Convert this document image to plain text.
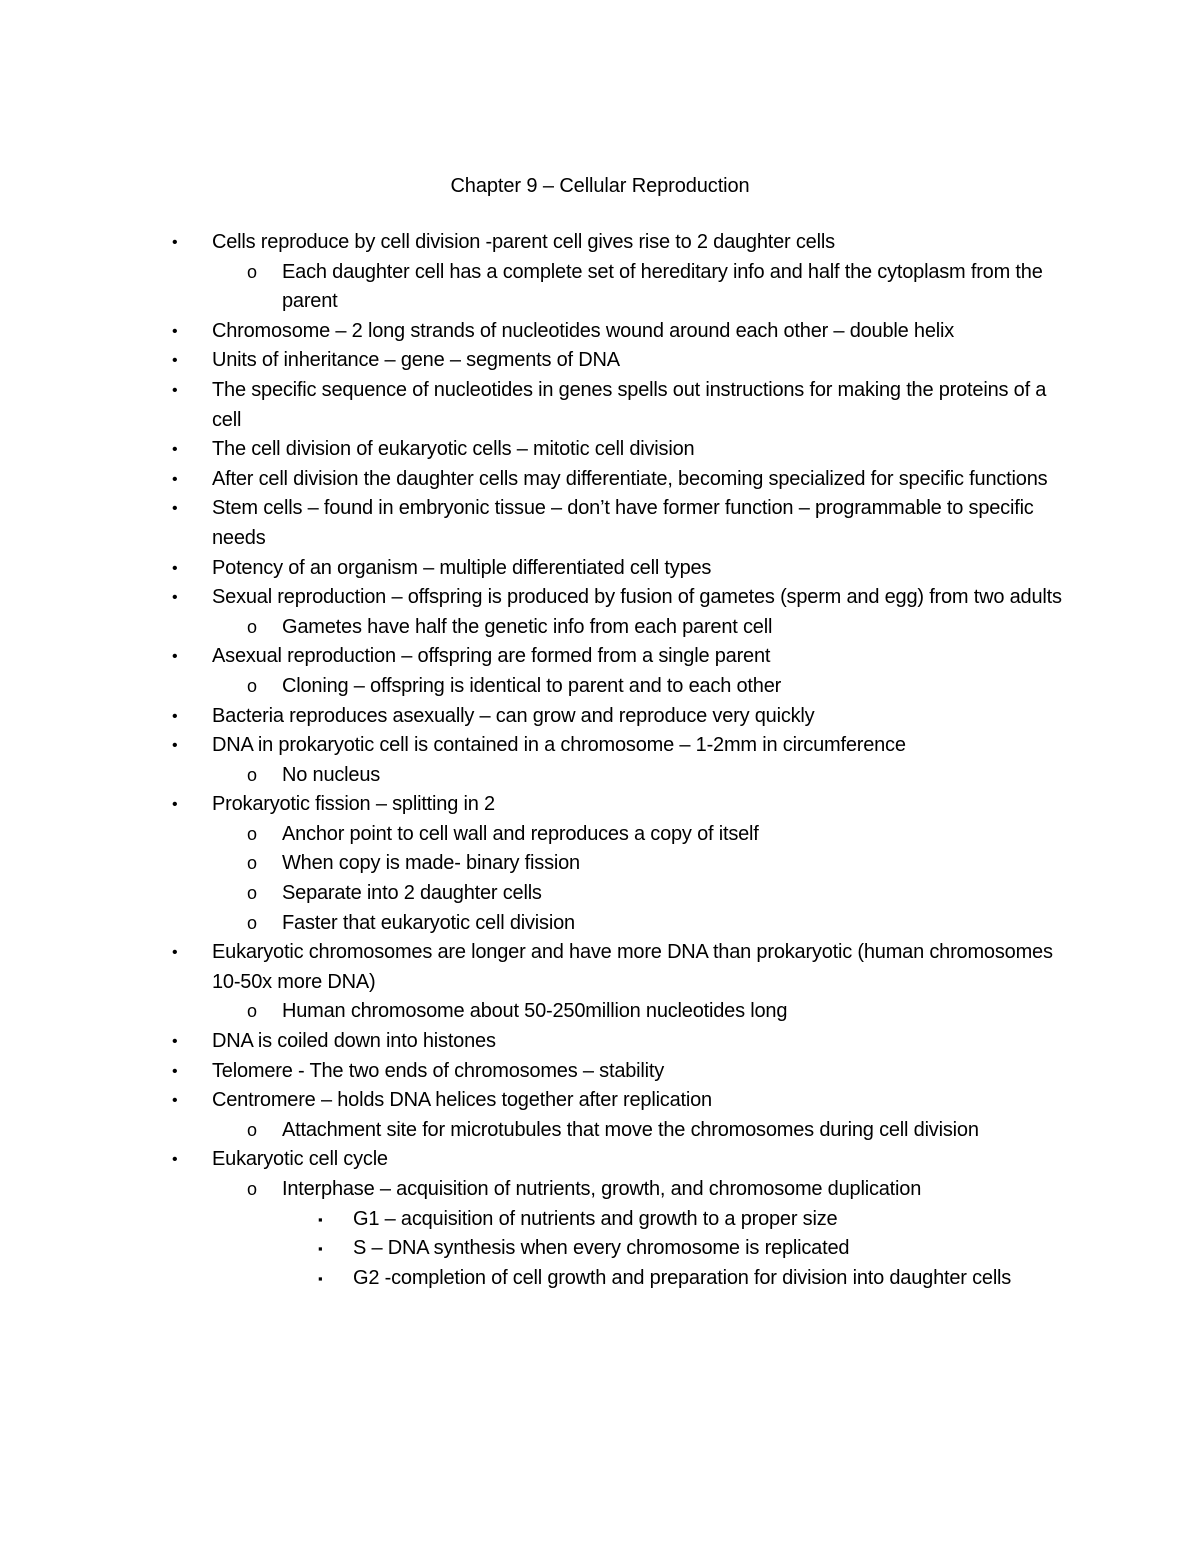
Chapter 9 – Cellular Reproduction
• Cells reproduce by cell division -parent cell gives rise to 2 daughter cells
o Each daughter cell has a complete set of hereditary info and half the cytoplasm from the parent
• Chromosome – 2 long strands of nucleotides wound around each other – double helix
• Units of inheritance – gene – segments of DNA
• The specific sequence of nucleotides in genes spells out instructions for making the proteins of a cell
• The cell division of eukaryotic cells – mitotic cell division
• After cell division the daughter cells may differentiate, becoming specialized for specific functions
• Stem cells – found in embryonic tissue – don’t have former function – programmable to specific needs
• Potency of an organism – multiple differentiated cell types
• Sexual reproduction – offspring is produced by fusion of gametes (sperm and egg) from two adults
o Gametes have half the genetic info from each parent cell
• Asexual reproduction – offspring are formed from a single parent
o Cloning – offspring is identical to parent and to each other
• Bacteria reproduces asexually – can grow and reproduce very quickly
• DNA in prokaryotic cell is contained in a chromosome – 1-2mm in circumference
o No nucleus
• Prokaryotic fission – splitting in 2
o Anchor point to cell wall and reproduces a copy of itself
o When copy is made- binary fission
o Separate into 2 daughter cells
o Faster that eukaryotic cell division
• Eukaryotic chromosomes are longer and have more DNA than prokaryotic (human chromosomes 10-50x more DNA)
o Human chromosome about 50-250million nucleotides long
• DNA is coiled down into histones
• Telomere - The two ends of chromosomes – stability
• Centromere – holds DNA helices together after replication
o Attachment site for microtubules that move the chromosomes during cell division
• Eukaryotic cell cycle
o Interphase – acquisition of nutrients, growth, and chromosome duplication
▪ G1 – acquisition of nutrients and growth to a proper size
▪ S – DNA synthesis when every chromosome is replicated
▪ G2 -completion of cell growth and preparation for division into daughter cells
